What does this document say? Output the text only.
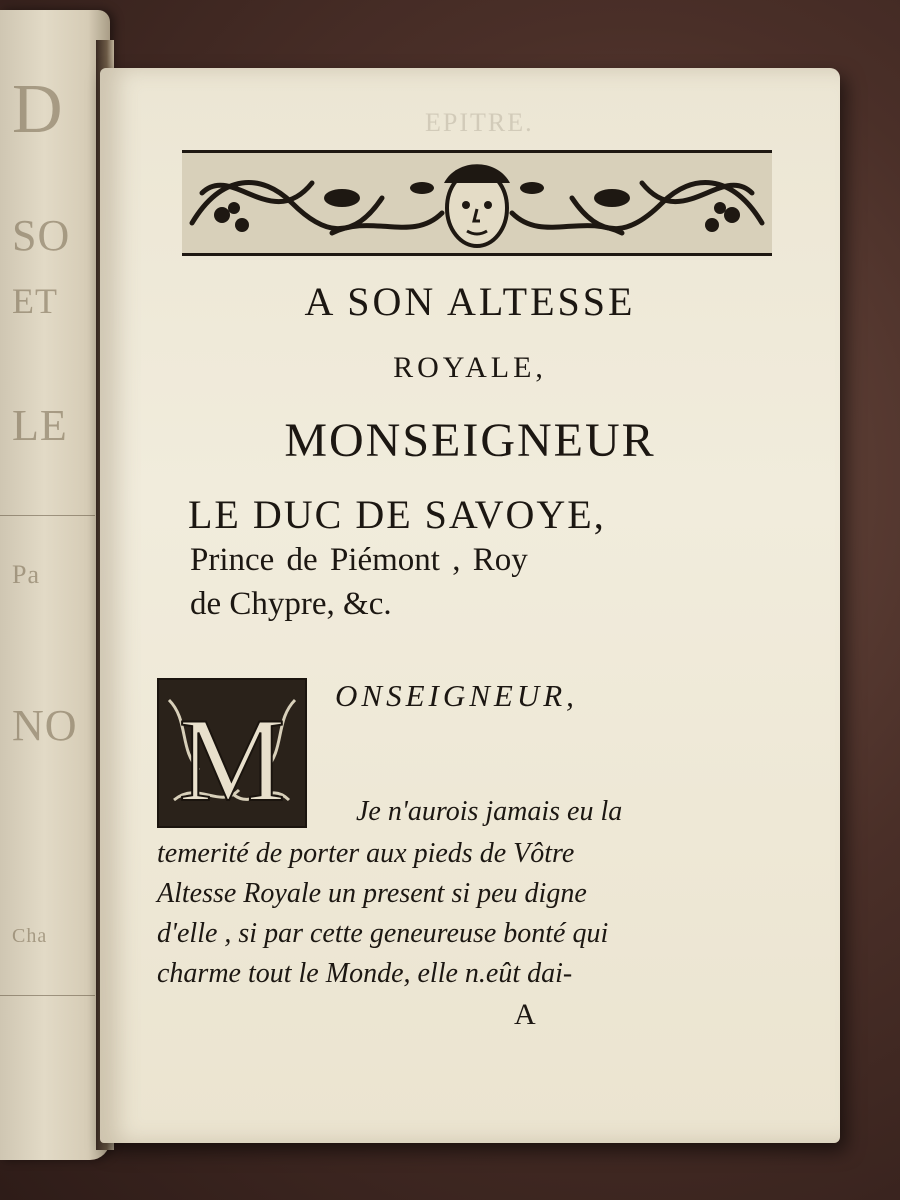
D
SO
ET
LE
Pa
NO
Cha
EPITRE.
A SON ALTESSE
ROYALE,
MONSEIGNEUR
LE DUC DE SAVOYE,
Prince de Piémont , Roy
de Chypre, &c.
M ONSEIGNEUR,
Je n'aurois jamais eu la
temerité de porter aux pieds de Vôtre
Altesse Royale un present si peu digne
d'elle , si par cette geneureuse bonté qui
charme tout le Monde, elle n.eût dai-
A
